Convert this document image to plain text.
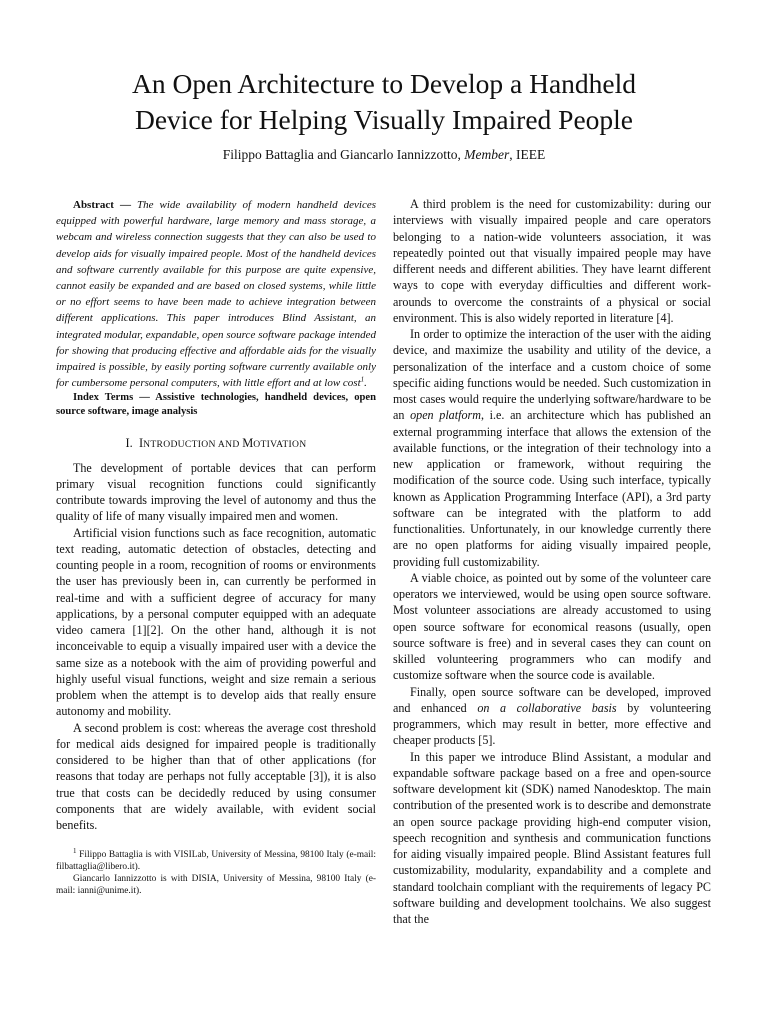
An Open Architecture to Develop a Handheld
Device for Helping Visually Impaired People
Filippo Battaglia and Giancarlo Iannizzotto, Member, IEEE

Abstract — The wide availability of modern handheld devices equipped with powerful hardware, large memory and mass storage, a webcam and wireless connection suggests that they can also be used to develop aids for visually impaired people. Most of the handheld devices and software currently available for this purpose are quite expensive, cannot easily be expanded and are based on closed systems, while little or no effort seems to have been made to achieve integration between different applications. This paper introduces Blind Assistant, an integrated modular, expandable, open source software package intended for showing that producing effective and affordable aids for the visually impaired is possible, by easily porting software currently available only for cumbersome personal computers, with little effort and at low cost$^1$.

Index Terms — Assistive technologies, handheld devices, open source software, image analysis

I. INTRODUCTION AND MOTIVATION

The development of portable devices that can perform primary visual recognition functions could significantly contribute towards improving the level of autonomy and thus the quality of life of many visually impaired men and women.

Artificial vision functions such as face recognition, automatic text reading, automatic detection of obstacles, detecting and counting people in a room, recognition of rooms or environments the user has previously been in, can currently be performed in real-time and with a sufficient degree of accuracy for many applications, by a personal computer equipped with an adequate video camera [1][2]. On the other hand, although it is not inconceivable to equip a visually impaired user with a device the same size as a notebook with the aim of providing powerful and highly useful visual functions, weight and size remain a serious problem when the attempt is to develop aids that really ensure autonomy and mobility.

A second problem is cost: whereas the average cost threshold for medical aids designed for impaired people is traditionally considered to be higher than that of other applications (for reasons that today are perhaps not fully acceptable [3]), it is also true that costs can be decidedly reduced by using consumer components that are widely available, with evident social benefits.

$^1$ Filippo Battaglia is with VISILab, University of Messina, 98100 Italy (e-mail: filbattaglia@libero.it).

Giancarlo Iannizzotto is with DISIA, University of Messina, 98100 Italy (e-mail: ianni@unime.it).

A third problem is the need for customizability: during our interviews with visually impaired people and care operators belonging to a nation-wide volunteers association, it was repeatedly pointed out that visually impaired people may have different needs and different abilities. They have learnt different ways to cope with everyday difficulties and different work-arounds to overcome the constraints of a physical or social environment. This is also widely reported in literature [4].

In order to optimize the interaction of the user with the aiding device, and maximize the usability and utility of the device, a personalization of the interface and a custom choice of some specific aiding functions would be needed. Such customization in most cases would require the underlying software/hardware to be an open platform, i.e. an architecture which has published an external programming interface that allows the extension of the available functions, or the integration of their technology into a new application or framework, without requiring the modification of the source code. Using such interface, typically known as Application Programming Interface (API), a 3rd party software can be integrated with the platform to add functionalities. Unfortunately, in our knowledge currently there are no open platforms for aiding visually impaired people, providing full customizability.

A viable choice, as pointed out by some of the volunteer care operators we interviewed, would be using open source software. Most volunteer associations are already accustomed to using open source software for economical reasons (usually, open source software is free) and in several cases they can count on skilled volunteering programmers who can modify and customize software when the source code is available.

Finally, open source software can be developed, improved and enhanced on a collaborative basis by volunteering programmers, which may result in better, more effective and cheaper products [5].

In this paper we introduce Blind Assistant, a modular and expandable software package based on a free and open-source software development kit (SDK) named Nanodesktop. The main contribution of the presented work is to describe and demonstrate an open source package providing high-end computer vision, speech recognition and synthesis and communication functions for aiding visually impaired people. Blind Assistant features full customizability, modularity, expandability and a complete and standard toolchain compliant with the requirements of legacy PC software building and development toolchains. We also suggest that the
